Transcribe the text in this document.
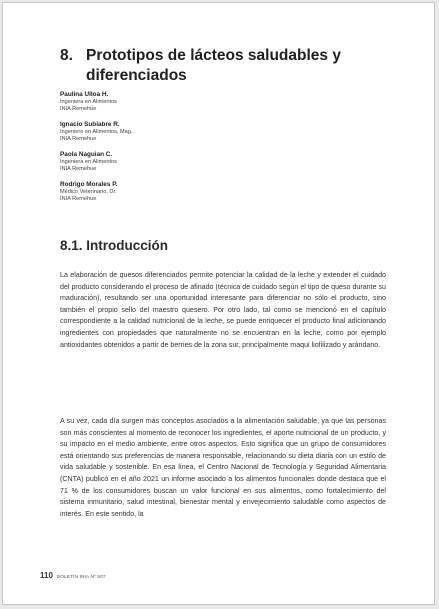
8. Prototipos de lácteos saludables y diferenciados
Paulina Ulloa H.
Ingeniera en Alimentos
INIA Remehue
Ignacio Subiabre R.
Ingeniero en Alimentos, Mag.
INIA Remehue
Paola Naguian C.
Ingeniera en Alimentos
INIA Remehue
Rodrigo Morales P.
Médico Veterinario, Dr.
INIA Remehue
8.1. Introducción

La elaboración de quesos diferenciados permite potenciar la calidad de la leche y extender el cuidado del producto considerando el proceso de afinado (técnica de cuidado según el tipo de queso durante su maduración), resultando ser una oportunidad interesante para diferenciar no sólo el producto, sino también el propio sello del maestro quesero. Por otro lado, tal como se mencionó en el capítulo correspondiente a la calidad nutricional de la leche, se puede enriquecer el producto final adicionando ingredientes con propiedades que naturalmente no se encuentran en la leche, como por ejemplo antioxidantes obtenidos a partir de berries de la zona sur, principalmente maqui liofilizado y arándano.

A su vez, cada día surgen más conceptos asociados a la alimentación saludable, ya que las personas son más conscientes al momento de reconocer los ingredientes, el aporte nutricional de un producto, y su impacto en el medio ambiente, entre otros aspectos. Esto significa que un grupo de consumidores está orientando sus preferencias de manera responsable, relacionando su dieta diaria con un estilo de vida saludable y sostenible. En esa línea, el Centro Nacional de Tecnología y Seguridad Alimentaria (CNTA) publicó en el año 2021 un informe asociado a los alimentos funcionales donde destaca que el 71 % de los consumidores buscan un valor funcional en sus alimentos, como fortalecimiento del sistema inmunitario, salud intestinal, bienestar mental y envejecimiento saludable como aspectos de interés. En este sentido, la

110 BOLETÍN INIA Nº 507
